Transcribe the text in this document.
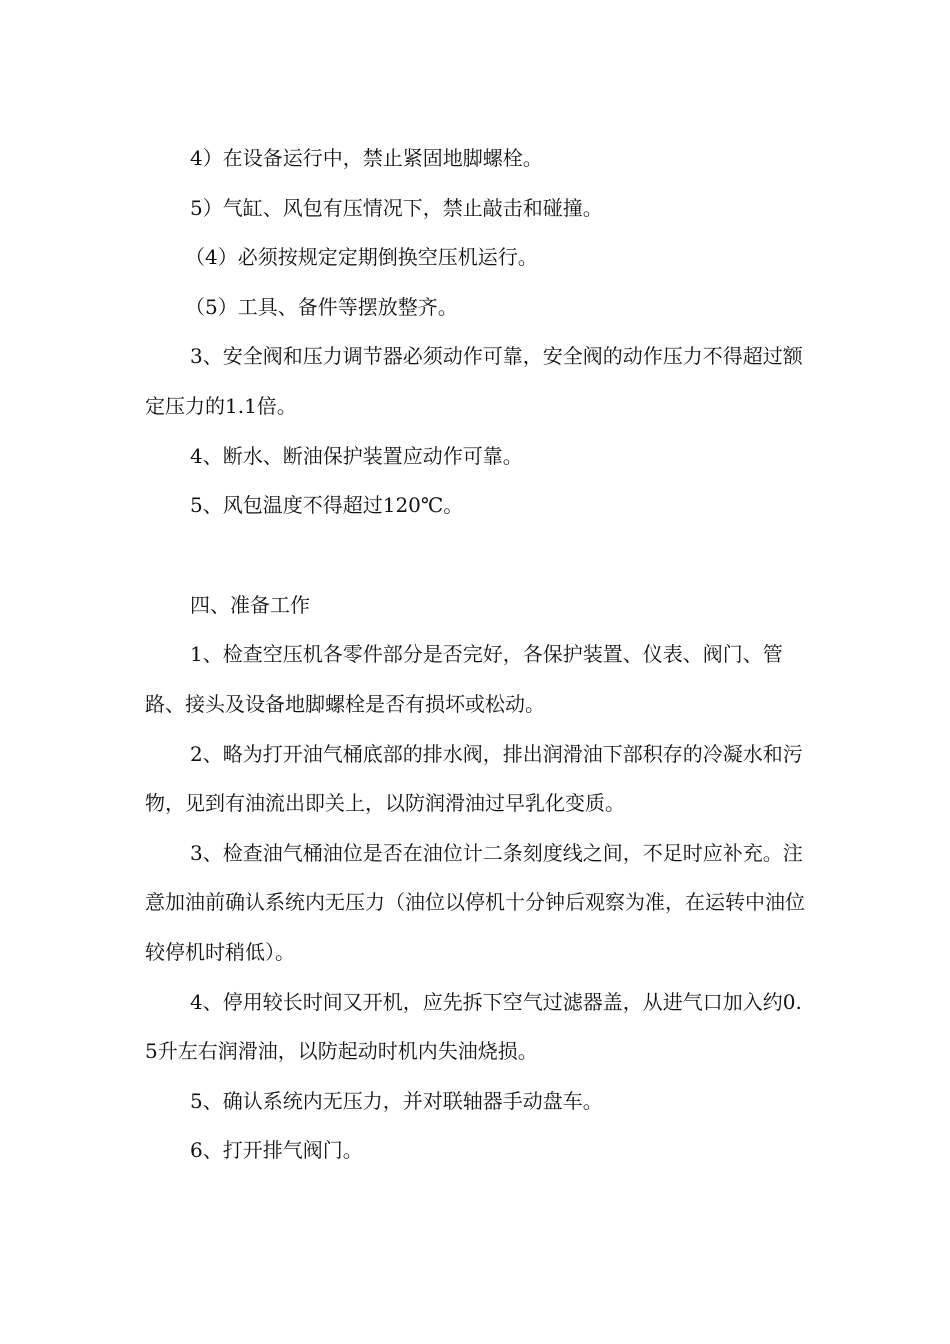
4）在设备运行中，禁止紧固地脚螺栓。

5）气缸、风包有压情况下，禁止敲击和碰撞。

（4）必须按规定定期倒换空压机运行。

（5）工具、备件等摆放整齐。

3、安全阀和压力调节器必须动作可靠，安全阀的动作压力不得超过额定压力的1.1倍。

4、断水、断油保护装置应动作可靠。

5、风包温度不得超过120℃。

四、准备工作

1、检查空压机各零件部分是否完好，各保护装置、仪表、阀门、管路、接头及设备地脚螺栓是否有损坏或松动。

2、略为打开油气桶底部的排水阀，排出润滑油下部积存的冷凝水和污物，见到有油流出即关上，以防润滑油过早乳化变质。

3、检查油气桶油位是否在油位计二条刻度线之间，不足时应补充。注意加油前确认系统内无压力（油位以停机十分钟后观察为准，在运转中油位较停机时稍低）。

4、停用较长时间又开机，应先拆下空气过滤器盖，从进气口加入约0.5升左右润滑油，以防起动时机内失油烧损。

5、确认系统内无压力，并对联轴器手动盘车。

6、打开排气阀门。
